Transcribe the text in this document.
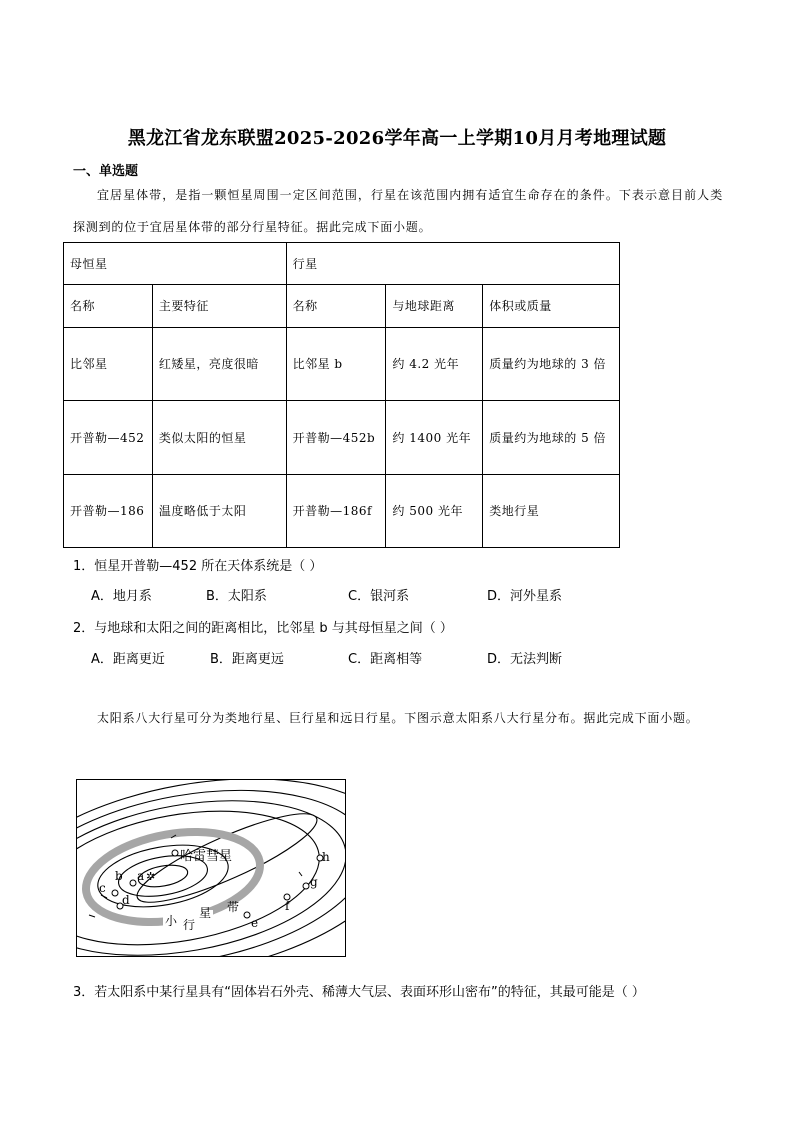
黑龙江省龙东联盟2025-2026学年高一上学期10月月考地理试题
一、单选题
宜居星体带，是指一颗恒星周围一定区间范围，行星在该范围内拥有适宜生命存在的条件。下表示意目前人类探测到的位于宜居星体带的部分行星特征。据此完成下面小题。
母恒星		行星		
名称	主要特征	名称	与地球距离	体积或质量
比邻星	红矮星，亮度很暗	比邻星 b	约 4.2 光年	质量约为地球的 3 倍
开普勒—452	类似太阳的恒星	开普勒—452b	约 1400 光年	质量约为地球的 5 倍
开普勒—186	温度略低于太阳	开普勒—186f	约 500 光年	类地行星
1．恒星开普勒—452 所在天体系统是（ ）
A．地月系	B．太阳系	C．银河系	D．河外星系
2．与地球和太阳之间的距离相比，比邻星 b 与其母恒星之间（ ）
A．距离更近	B．距离更远	C．距离相等	D．无法判断
太阳系八大行星可分为类地行星、巨行星和远日行星。下图示意太阳系八大行星分布。据此完成下面小题。
a ✲
b
c
d
e
f
g
h
哈雷彗星
小 行
星 带
3．若太阳系中某行星具有“固体岩石外壳、稀薄大气层、表面环形山密布”的特征，其最可能是（ ）
